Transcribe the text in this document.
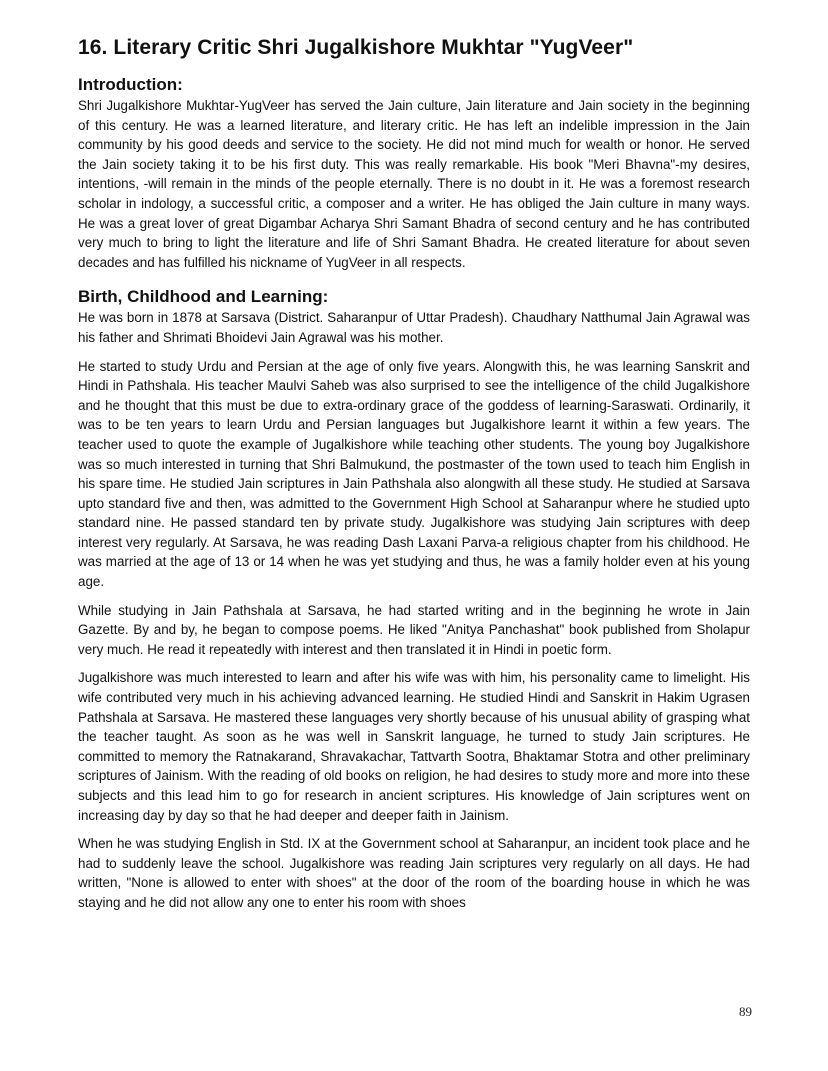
16. Literary Critic Shri Jugalkishore Mukhtar "YugVeer"
Introduction:

Shri Jugalkishore Mukhtar-YugVeer has served the Jain culture, Jain literature and Jain society in the beginning of this century. He was a learned literature, and literary critic. He has left an indelible impression in the Jain community by his good deeds and service to the society. He did not mind much for wealth or honor. He served the Jain society taking it to be his first duty. This was really remarkable. His book "Meri Bhavna"-my desires, intentions, -will remain in the minds of the people eternally. There is no doubt in it. He was a foremost research scholar in indology, a successful critic, a composer and a writer. He has obliged the Jain culture in many ways. He was a great lover of great Digambar Acharya Shri Samant Bhadra of second century and he has contributed very much to bring to light the literature and life of Shri Samant Bhadra. He created literature for about seven decades and has fulfilled his nickname of YugVeer in all respects.

Birth, Childhood and Learning:

He was born in 1878 at Sarsava (District. Saharanpur of Uttar Pradesh). Chaudhary Natthumal Jain Agrawal was his father and Shrimati Bhoidevi Jain Agrawal was his mother.

He started to study Urdu and Persian at the age of only five years. Alongwith this, he was learning Sanskrit and Hindi in Pathshala. His teacher Maulvi Saheb was also surprised to see the intelligence of the child Jugalkishore and he thought that this must be due to extra-ordinary grace of the goddess of learning-Saraswati. Ordinarily, it was to be ten years to learn Urdu and Persian languages but Jugalkishore learnt it within a few years. The teacher used to quote the example of Jugalkishore while teaching other students. The young boy Jugalkishore was so much interested in turning that Shri Balmukund, the postmaster of the town used to teach him English in his spare time. He studied Jain scriptures in Jain Pathshala also alongwith all these study. He studied at Sarsava upto standard five and then, was admitted to the Government High School at Saharanpur where he studied upto standard nine. He passed standard ten by private study. Jugalkishore was studying Jain scriptures with deep interest very regularly. At Sarsava, he was reading Dash Laxani Parva-a religious chapter from his childhood. He was married at the age of 13 or 14 when he was yet studying and thus, he was a family holder even at his young age.

While studying in Jain Pathshala at Sarsava, he had started writing and in the beginning he wrote in Jain Gazette. By and by, he began to compose poems. He liked "Anitya Panchashat" book published from Sholapur very much. He read it repeatedly with interest and then translated it in Hindi in poetic form.

Jugalkishore was much interested to learn and after his wife was with him, his personality came to limelight. His wife contributed very much in his achieving advanced learning. He studied Hindi and Sanskrit in Hakim Ugrasen Pathshala at Sarsava. He mastered these languages very shortly because of his unusual ability of grasping what the teacher taught. As soon as he was well in Sanskrit language, he turned to study Jain scriptures. He committed to memory the Ratnakarand, Shravakachar, Tattvarth Sootra, Bhaktamar Stotra and other preliminary scriptures of Jainism. With the reading of old books on religion, he had desires to study more and more into these subjects and this lead him to go for research in ancient scriptures. His knowledge of Jain scriptures went on increasing day by day so that he had deeper and deeper faith in Jainism.

When he was studying English in Std. IX at the Government school at Saharanpur, an incident took place and he had to suddenly leave the school. Jugalkishore was reading Jain scriptures very regularly on all days. He had written, "None is allowed to enter with shoes" at the door of the room of the boarding house in which he was staying and he did not allow any one to enter his room with shoes

89
